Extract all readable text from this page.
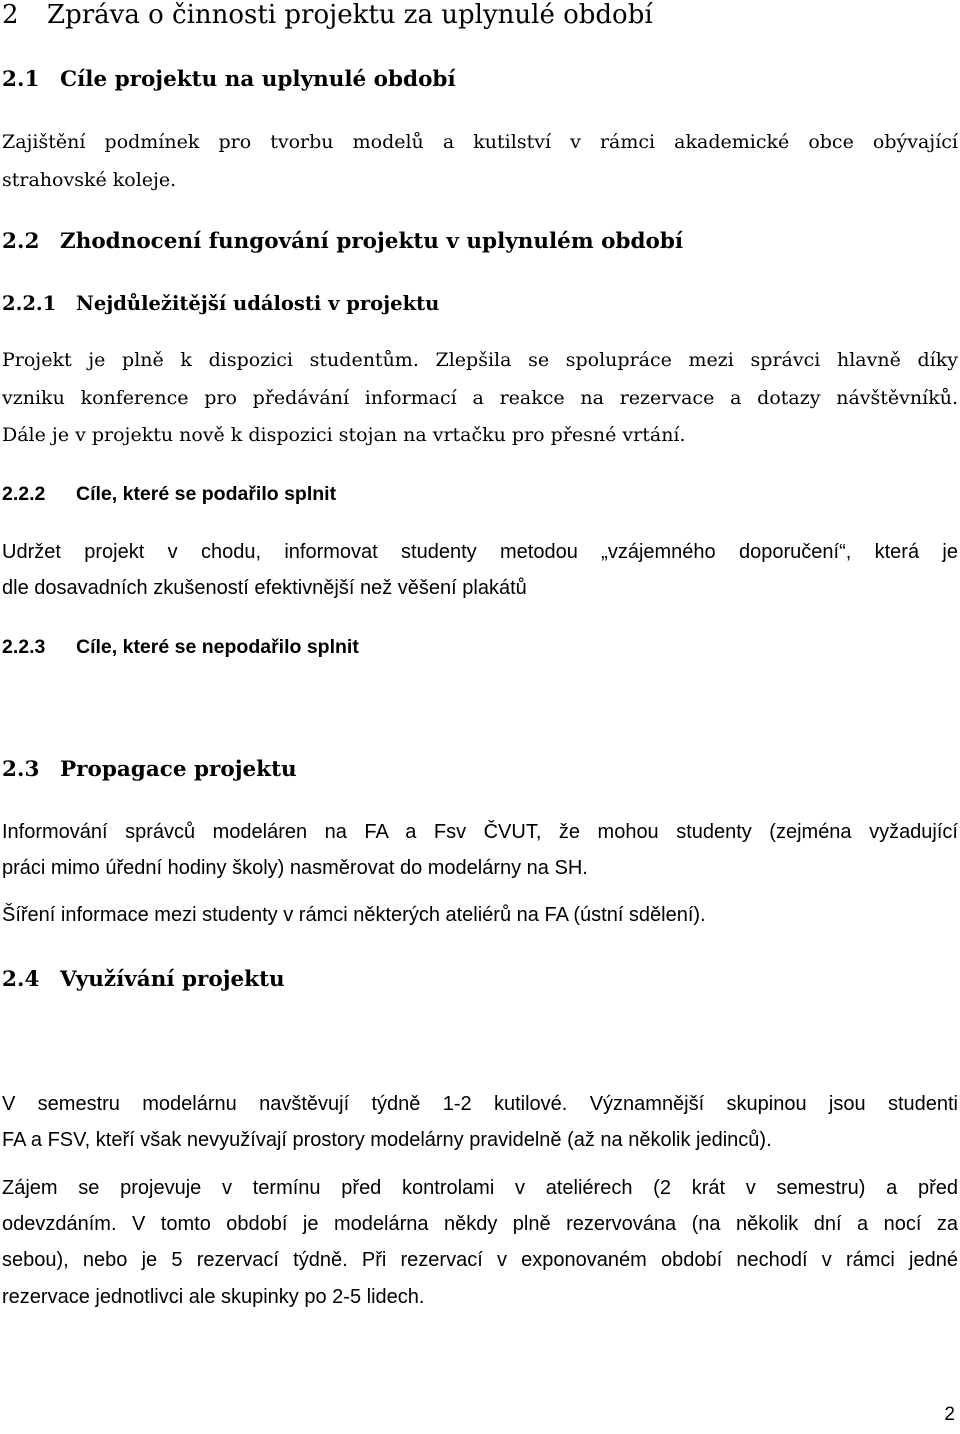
2 Zpráva o činnosti projektu za uplynulé období
2.1 Cíle projektu na uplynulé období
Zajištění podmínek pro tvorbu modelů a kutilství v rámci akademické obce obývající
strahovské koleje.
2.2 Zhodnocení fungování projektu v uplynulém období
2.2.1 Nejdůležitější události v projektu
Projekt je plně k dispozici studentům. Zlepšila se spolupráce mezi správci hlavně díky
vzniku konference pro předávání informací a reakce na rezervace a dotazy návštěvníků.
Dále je v projektu nově k dispozici stojan na vrtačku pro přesné vrtání.
2.2.2 Cíle, které se podařilo splnit
Udržet projekt v chodu, informovat studenty metodou „vzájemného doporučení“, která je
dle dosavadních zkušeností efektivnější než věšení plakátů
2.2.3 Cíle, které se nepodařilo splnit
2.3 Propagace projektu
Informování správců modeláren na FA a Fsv ČVUT, že mohou studenty (zejména vyžadující
práci mimo úřední hodiny školy) nasměrovat do modelárny na SH.
Šíření informace mezi studenty v rámci některých ateliérů na FA (ústní sdělení).
2.4 Využívání projektu
V semestru modelárnu navštěvují týdně 1-2 kutilové. Významnější skupinou jsou studenti
FA a FSV, kteří však nevyužívají prostory modelárny pravidelně (až na několik jedinců).
Zájem se projevuje v termínu před kontrolami v ateliérech (2 krát v semestru) a před
odevzdáním. V tomto období je modelárna někdy plně rezervována (na několik dní a nocí za
sebou), nebo je 5 rezervací týdně. Při rezervací v exponovaném období nechodí v rámci jedné
rezervace jednotlivci ale skupinky po 2-5 lidech.
2
